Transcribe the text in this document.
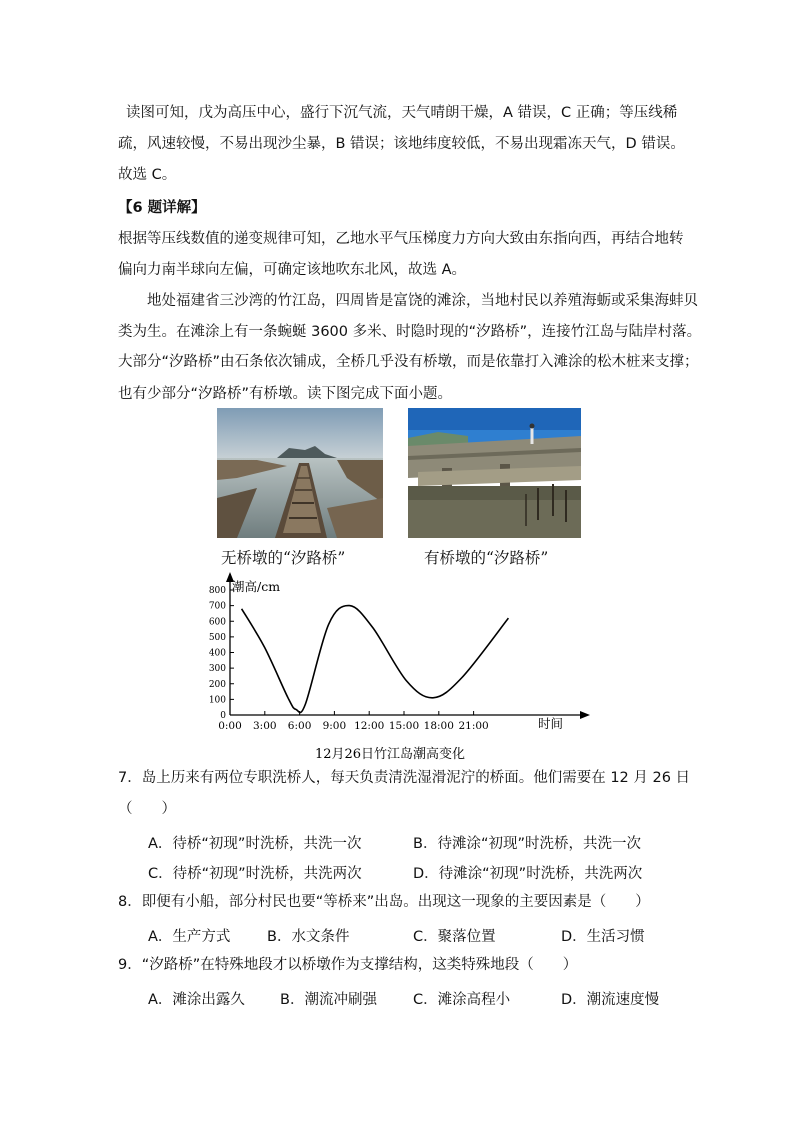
读图可知，戊为高压中心，盛行下沉气流，天气晴朗干燥，A 错误，C 正确；等压线稀
疏，风速较慢，不易出现沙尘暴，B 错误；该地纬度较低，不易出现霜冻天气，D 错误。
故选 C。
【6 题详解】
根据等压线数值的递变规律可知，乙地水平气压梯度力方向大致由东指向西，再结合地转
偏向力南半球向左偏，可确定该地吹东北风，故选 A。
地处福建省三沙湾的竹江岛，四周皆是富饶的滩涂，当地村民以养殖海蛎或采集海蚌贝
类为生。在滩涂上有一条蜿蜒 3600 多米、时隐时现的“汐路桥”，连接竹江岛与陆岸村落。
大部分“汐路桥”由石条依次铺成，全桥几乎没有桥墩，而是依靠打入滩涂的松木桩来支撑；
也有少部分“汐路桥”有桥墩。读下图完成下面小题。
无桥墩的“汐路桥”	有桥墩的“汐路桥”
潮高/cm
时间
0
100
200
300
400
500
600
700
800
0:00 3:00 6:00 9:00 12:00 15:00 18:00 21:00
12月26日竹江岛潮高变化
7．岛上历来有两位专职洗桥人，每天负责清洗湿滑泥泞的桥面。他们需要在 12 月 26 日
（　　）
A．待桥“初现”时洗桥，共洗一次	B．待滩涂“初现”时洗桥，共洗一次
C．待桥“初现”时洗桥，共洗两次	D．待滩涂“初现”时洗桥，共洗两次
8．即便有小船，部分村民也要“等桥来”出岛。出现这一现象的主要因素是（　　）
A．生产方式	B．水文条件	C．聚落位置	D．生活习惯
9．“汐路桥”在特殊地段才以桥墩作为支撑结构，这类特殊地段（　　）
A．滩涂出露久 B．潮流冲刷强 C．滩涂高程小	D．潮流速度慢
